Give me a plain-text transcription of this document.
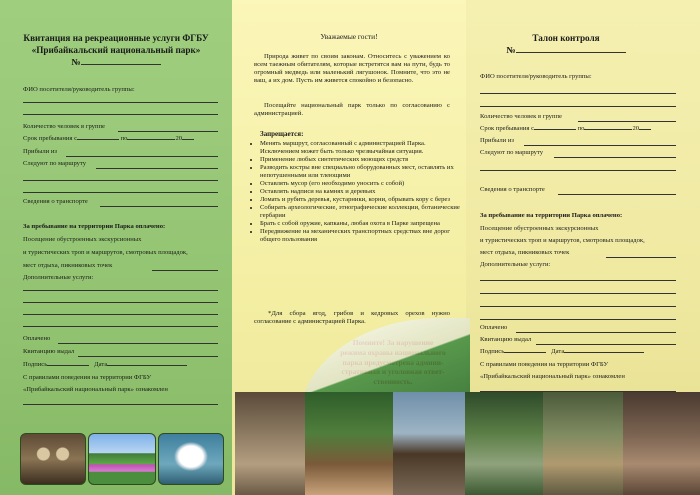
Квитанция на рекреационные услуги ФГБУ
«Прибайкальский национальный парк»
№
ФИО посетителя/руководитель группы:
Количество человек в группе
Срок пребывания с	по	20
Прибыли из
Следуют по маршруту
Сведения о транспорте
За пребывание на территории Парка оплачено:
Посещение обустроенных экскурсионных
и туристических троп и маршрутов, смотровых площадок,
мест отдыха, пикниковых точек
Дополнительные услуги:
Оплачено
Квитанцию выдал
Подпись	Дата
С правилами поведения на территории ФГБУ
«Прибайкальский национальный парк» ознакомлен
Уважаемые гости!
Природа живет по своим законам. Относитесь с уважением ко всем таежным обитателям, которые встретятся вам на пути, будь то огромный медведь или маленький лягушонок. Помните, что это не ваш, а их дом. Пусть им живется спокойно и безопасно.
Посещайте национальный парк только по согласованию с администрацией.
Запрещается:
• Менять маршрут, согласованный с администрацией Парка. Исключением может быть только чрезвычайная ситуация.
• Применение любых синтетических моющих средств
• Разводить костры вне специально оборудованных мест, оставлять их непотушенными или тлеющими
• Оставлять мусор (его необходимо уносить с собой)
• Оставлять надписи на камнях и деревьях
• Ломать и рубить деревья, кустарники, корни, обрывать кору с берез
• Собирать археологические, этнографические коллекции, ботанические гербарии
• Брать с собой оружие, капканы, любая охота в Парке запрещена
• Передвижение на механических транспортных средствах вне дорог общего пользования
*Для сбора ягод, грибов и кедровых орехов нужно согласование с администрацией Парка.
Талон контроля
№
ФИО посетителя/руководитель группы:
Количество человек в группе
Срок пребывания с	по	20
Прибыли из
Следуют по маршруту
Сведения о транспорте
За пребывание на территории Парка оплачено:
Посещение обустроенных экскурсионных
и туристических троп и маршрутов, смотровых площадок,
мест отдыха, пикниковых точек
Дополнительные услуги:
Оплачено
Квитанцию выдал
Подпись	Дата
С правилами поведения на территории ФГБУ
«Прибайкальский национальный парк» ознакомлен
